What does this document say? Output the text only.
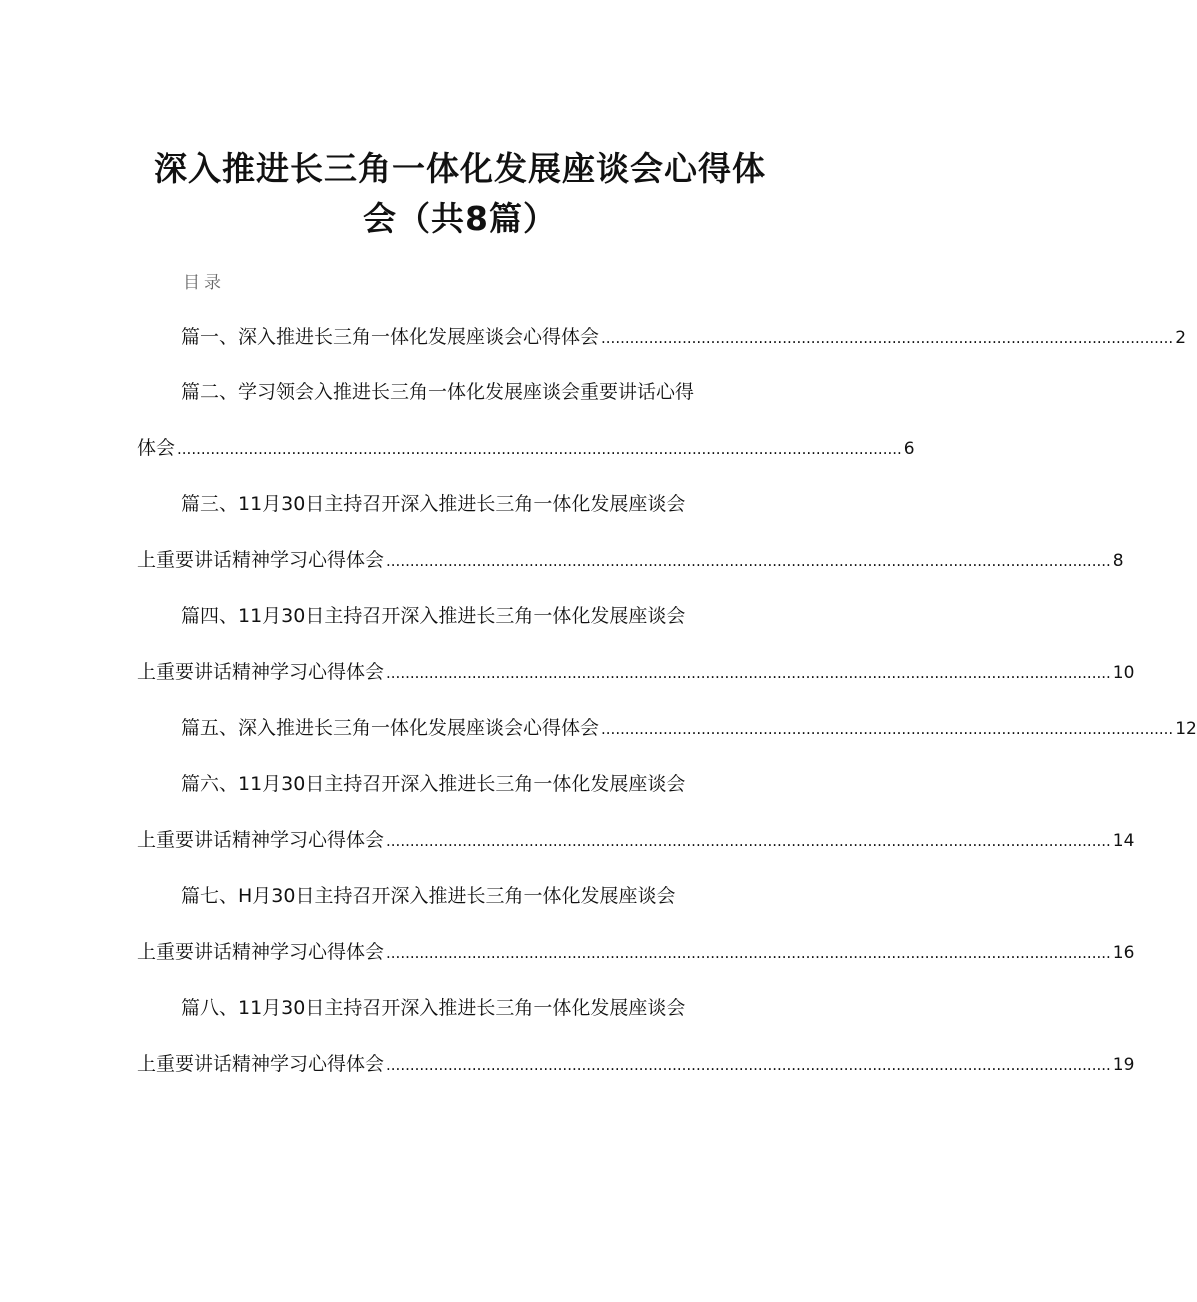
深入推进长三角一体化发展座谈会心得体
会（共8篇）
目录
篇一、深入推进长三角一体化发展座谈会心得体会 ........................................................................................................................ 2
篇二、学习领会入推进长三角一体化发展座谈会重要讲话心得
体会 ........................................................................................................................................................ 6
篇三、11月30日主持召开深入推进长三角一体化发展座谈会
上重要讲话精神学习心得体会 ........................................................................................................................................................ 8
篇四、11月30日主持召开深入推进长三角一体化发展座谈会
上重要讲话精神学习心得体会 ........................................................................................................................................................ 10
篇五、深入推进长三角一体化发展座谈会心得体会 ........................................................................................................................ 12
篇六、11月30日主持召开深入推进长三角一体化发展座谈会
上重要讲话精神学习心得体会 ........................................................................................................................................................ 14
篇七、H月30日主持召开深入推进长三角一体化发展座谈会
上重要讲话精神学习心得体会 ........................................................................................................................................................ 16
篇八、11月30日主持召开深入推进长三角一体化发展座谈会
上重要讲话精神学习心得体会 ........................................................................................................................................................ 19
